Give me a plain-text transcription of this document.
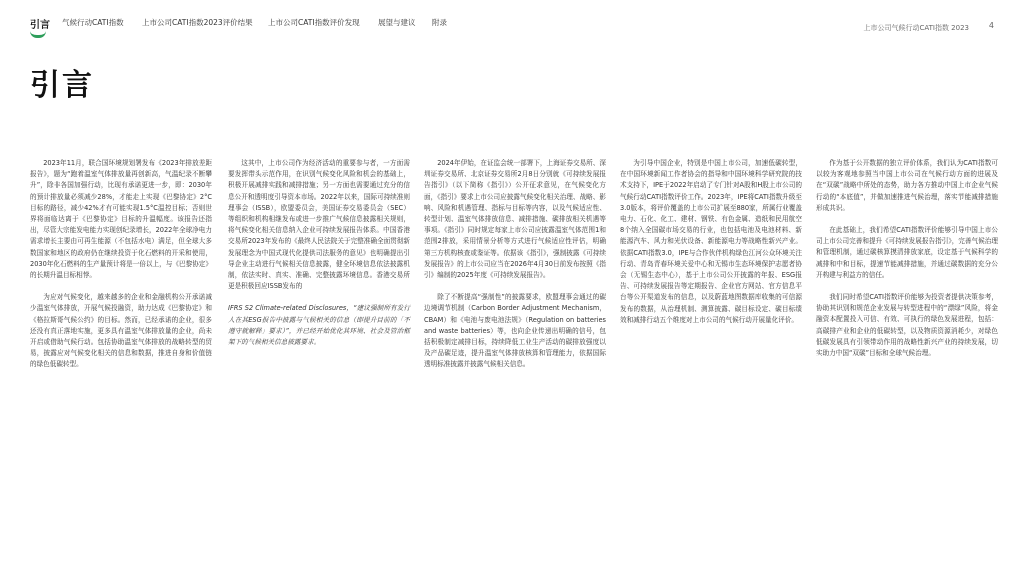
引言 气候行动CATI指数 上市公司CATI指数2023评价结果 上市公司CATI指数评价发现 展望与建议 附录
上市公司气候行动CATI指数 2023 4
引言

2023年11月，联合国环境规划署发布《2023年排放差距报告》，题为“跑着温室气体排放量再创新高，气温纪录不断攀升”，除非各国加强行动，比现有承诺更进一步，即：2030年的预计排放量必须减少28%，才能走上实现《巴黎协定》2°C目标的路径，减少42%才有可能实现1.5°C温控目标；否则世界将面临达离于《巴黎协定》目标的升温幅度。该报告还指出，尽管大宗能发电能力实现创纪录增长，2022年全球净电力需求增长主要由可再生能源（不包括水电）满足，但全球大多数国家和地区的政府仍在继续投资于化石燃料的开采和使用，2030年化石燃料的生产量预计将是一倍以上，与《巴黎协定》的长期升温目标相悖。

为应对气候变化，越来越多的企业和金融机构公开承诺减少温室气体排放，开展气候投融资，助力达成《巴黎协定》和《格拉斯哥气候公约》的目标。然而，已经承诺的企业，很多还没有真正落地实施，更多具有温室气体排放量的企业，尚未开启或借助气候行动。包括协助温室气体排放的战略转型的贸易，披露应对气候变化相关的信息和数据，推进自身和价值链的绿色低碳转型。

这其中，上市公司作为经济活动的重要参与者，一方面需要发挥带头示范作用，在识别气候变化风险和机会的基础上，积极开展减排实践和减排措施；另一方面也需要通过充分的信息公开和透明度引导资本市场。2022年以来，国际可持续准则理事会（ISSB），欧盟委员会，美国证券交易委员会（SEC）等组织和机构相继发布或进一步推广气候信息披露相关规则，将气候变化相关信息纳入企业可持续发展报告体系。中国香港交易所2023年发布的《最终人民法院关于完整准确全面贯彻新发展理念为中国式现代化提供司法服务的意见》也明确提出引导企业主动进行气候相关信息披露，健全环境信息依法披露机制，依法实时、真实、准确、完整披露环境信息。香港交易所更是积极回应ISSB发布的

IFRS S2 Climate-related Disclosures，“建议强制所有发行人在其ESG报告中披露与气候相关的信息（即提升目前的「不遵守就解释」要求）”，并已经开始优化其环境、社会及管治框架下的气候相关信息披露要求。

2024年伊始，在证监会统一部署下，上海证券交易所、深圳证券交易所、北京证券交易所2月8日分别就《可持续发展报告指引》（以下简称《指引》）公开征求意见，在气候变化方面，《指引》要求上市公司应披露气候变化相关治理、战略、影响、风险和机遇管理、指标与目标等内容，以及气候适应性、转型计划、温室气体排放信息、减排措施、碳排放相关机遇等事项。《指引》同时规定每家上市公司应披露温室气体范围1和范围2排放，采用情景分析等方式进行气候适应性评估，明确第三方机构核查或鉴证等。依据该《指引》，强制披露《可持续发展报告》的上市公司应当在2026年4月30日前发布按照《指引》编制的2025年度《可持续发展报告》。

除了不断提高“强制性”的披露要求，欧盟理事会通过的碳边境调节机制（Carbon Border Adjustment Mechanism，CBAM）和《电池与废电池法规》（Regulation on batteries and waste batteries）等，也向企业传递出明确的信号，包括积极制定减排目标，持续降低工业生产活动的碳排放强度以及产品碳足迹，提升温室气体排放核算和管理能力，依据国际透明标准披露并披露气候相关信息。

为引导中国企业，特别是中国上市公司，加速低碳转型，在中国环境新闻工作者协会的指导和中国环境科学研究院的技术支持下，IPE于2022年启动了专门针对A股和H股上市公司的气候行动CATI指数评价工作。2023年，IPE将CATI指数升级至3.0版本，将评价覆盖的上市公司扩展至880家，所属行业覆盖电力、石化、化工、建材、钢铁、有色金属、造纸和民用航空8个纳入全国碳市场交易的行业，也包括电池及电池材料、新能源汽车、风力和光伏设备、新能源电力等战略性新兴产业。依据CATI指数3.0，IPE与合作伙伴机构绿色江河公众环境关注行动、青岛青春环境关爱中心和无锡市生态环境保护志愿者协会（无锡生态中心），基于上市公司公开披露的年报、ESG报告、可持续发展报告等定期报告、企业官方网站、官方信息平台等公开渠道发布的信息，以及蔚蓝地图数据库收集的可信源发布的数据，从治理机制、测算披露、碳目标设定、碳目标绩效和减排行动五个维度对上市公司的气候行动开展量化评价。

作为基于公开数据的独立评价体系，我们认为CATI指数可以较为客观地参照当中国上市公司在气候行动方面的进展及在“双碳”战略中所处的态势，助力各方推动中国上市企业气候行动的“本底值”，并做加速推进气候治理，落实节能减排措施形成共识。

在此基础上，我们希望CATI指数评价能够引导中国上市公司上市公司完善和提升《可持续发展报告指引》，完善气候治理和管理机制，通过碳核算摸清排放家底，设定基于气候科学的减排和中和目标，提速节能减排措施，并通过碳数据的充分公开构建与利益方的信任。

我们同时希望CATI指数评价能够为投资者提供决策参考，协助其识别和规范企业发展与转型进程中的“漂绿”风险，将金融资本配置投入可信、有效、可执行的绿色发展进程，包括：高碳排产业和企业的低碳转型，以及物质资源消耗少，对绿色低碳发展具有引领带动作用的战略性新兴产业的持续发展，切实助力中国“双碳”目标和全球气候治理。
